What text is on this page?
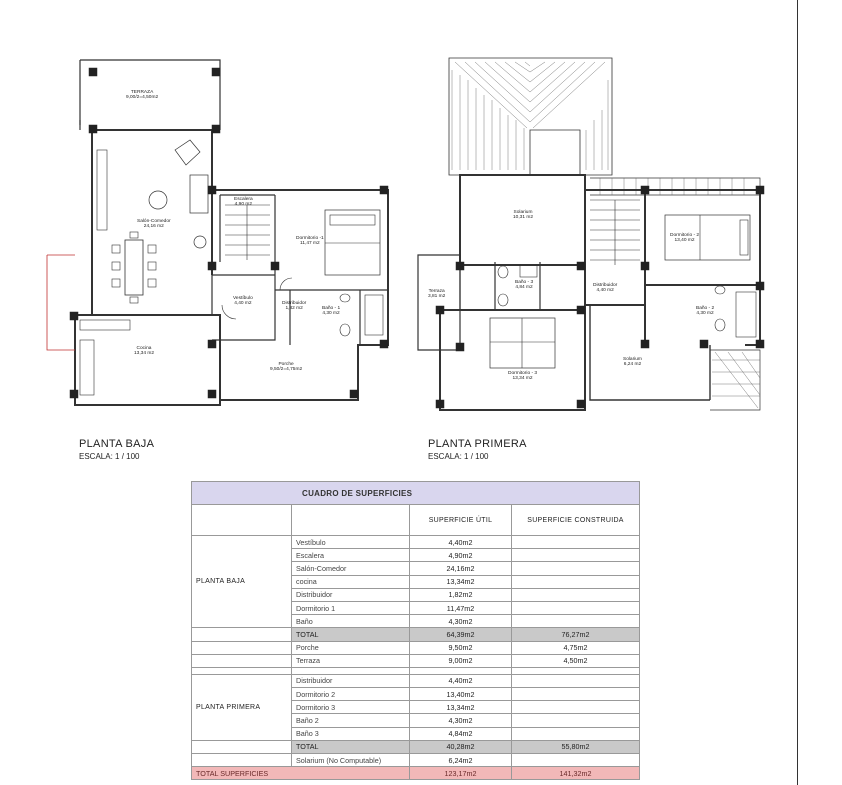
TERRAZA
9,00/2=4,50m2
Salón-Comedor
24,16 m2
Escalera
4,90 m2
Dormitorio -1
11,47 m2
Vestíbulo
4,40 m2	Distribuidor
1,82 m2	Baño - 1
4,30 m2
Cocina
13,34 m2
Porche
9,50/2=4,75m2
Solarium
10,31 m2
Dormitorio - 2
13,40 m2
Terraza
3,81 m2
Baño - 3
4,84 m2	Distribuidor
4,40 m2
Baño - 2
4,30 m2
Dormitorio - 3
13,34 m2
Solarium
6,24 m2
PLANTA BAJA
ESCALA: 1 / 100
PLANTA PRIMERA
ESCALA: 1 / 100
CUADRO DE SUPERFICIES			
		SUPERFICIE ÚTIL	SUPERFICIE CONSTRUIDA
PLANTA BAJA	Vestíbulo	4,40m2	
	Escalera	4,90m2	
	Salón-Comedor	24,16m2	
	cocina	13,34m2	
	Distribuidor	1,82m2	
	Dormitorio 1	11,47m2	
	Baño	4,30m2	
	TOTAL	64,39m2	76,27m2
	Porche	9,50m2	4,75m2
	Terraza	9,00m2	4,50m2

PLANTA PRIMERA	Distribuidor	4,40m2	
	Dormitorio 2	13,40m2	
	Dormitorio 3	13,34m2	
	Baño 2	4,30m2	
	Baño 3	4,84m2	
	TOTAL	40,28m2	55,80m2
	Solarium (No Computable)	6,24m2	
TOTAL SUPERFICIES		123,17m2	141,32m2
